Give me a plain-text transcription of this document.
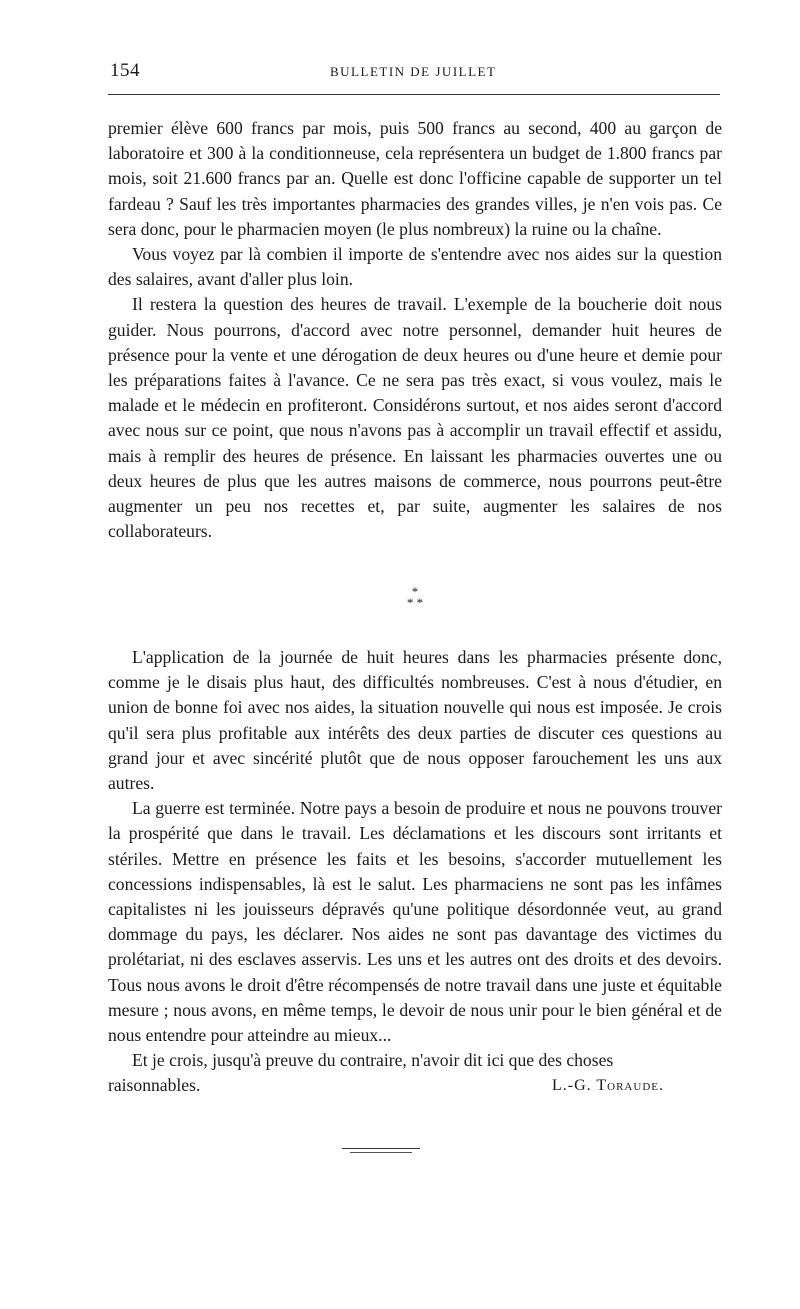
154	BULLETIN DE JUILLET

premier élève 600 francs par mois, puis 500 francs au second, 400 au garçon de laboratoire et 300 à la conditionneuse, cela représentera un budget de 1.800 francs par mois, soit 21.600 francs par an. Quelle est donc l'officine capable de supporter un tel fardeau ? Sauf les très importantes pharmacies des grandes villes, je n'en vois pas. Ce sera donc, pour le pharmacien moyen (le plus nombreux) la ruine ou la chaîne.

Vous voyez par là combien il importe de s'entendre avec nos aides sur la question des salaires, avant d'aller plus loin.

Il restera la question des heures de travail. L'exemple de la boucherie doit nous guider. Nous pourrons, d'accord avec notre personnel, demander huit heures de présence pour la vente et une dérogation de deux heures ou d'une heure et demie pour les préparations faites à l'avance. Ce ne sera pas très exact, si vous voulez, mais le malade et le médecin en profiteront. Considérons surtout, et nos aides seront d'accord avec nous sur ce point, que nous n'avons pas à accomplir un travail effectif et assidu, mais à remplir des heures de présence. En laissant les pharmacies ouvertes une ou deux heures de plus que les autres maisons de commerce, nous pourrons peut-être augmenter un peu nos recettes et, par suite, augmenter les salaires de nos collaborateurs.

*
* *

L'application de la journée de huit heures dans les pharmacies présente donc, comme je le disais plus haut, des difficultés nombreuses. C'est à nous d'étudier, en union de bonne foi avec nos aides, la situation nouvelle qui nous est imposée. Je crois qu'il sera plus profitable aux intérêts des deux parties de discuter ces questions au grand jour et avec sincérité plutôt que de nous opposer farouchement les uns aux autres.

La guerre est terminée. Notre pays a besoin de produire et nous ne pouvons trouver la prospérité que dans le travail. Les déclamations et les discours sont irritants et stériles. Mettre en présence les faits et les besoins, s'accorder mutuellement les concessions indispensables, là est le salut. Les pharmaciens ne sont pas les infâmes capitalistes ni les jouisseurs dépravés qu'une politique désordonnée veut, au grand dommage du pays, les déclarer. Nos aides ne sont pas davantage des victimes du prolétariat, ni des esclaves asservis. Les uns et les autres ont des droits et des devoirs. Tous nous avons le droit d'être récompensés de notre travail dans une juste et équitable mesure ; nous avons, en même temps, le devoir de nous unir pour le bien général et de nous entendre pour atteindre au mieux...

Et je crois, jusqu'à preuve du contraire, n'avoir dit ici que des choses

raisonnables.	L.-G. Toraude.
